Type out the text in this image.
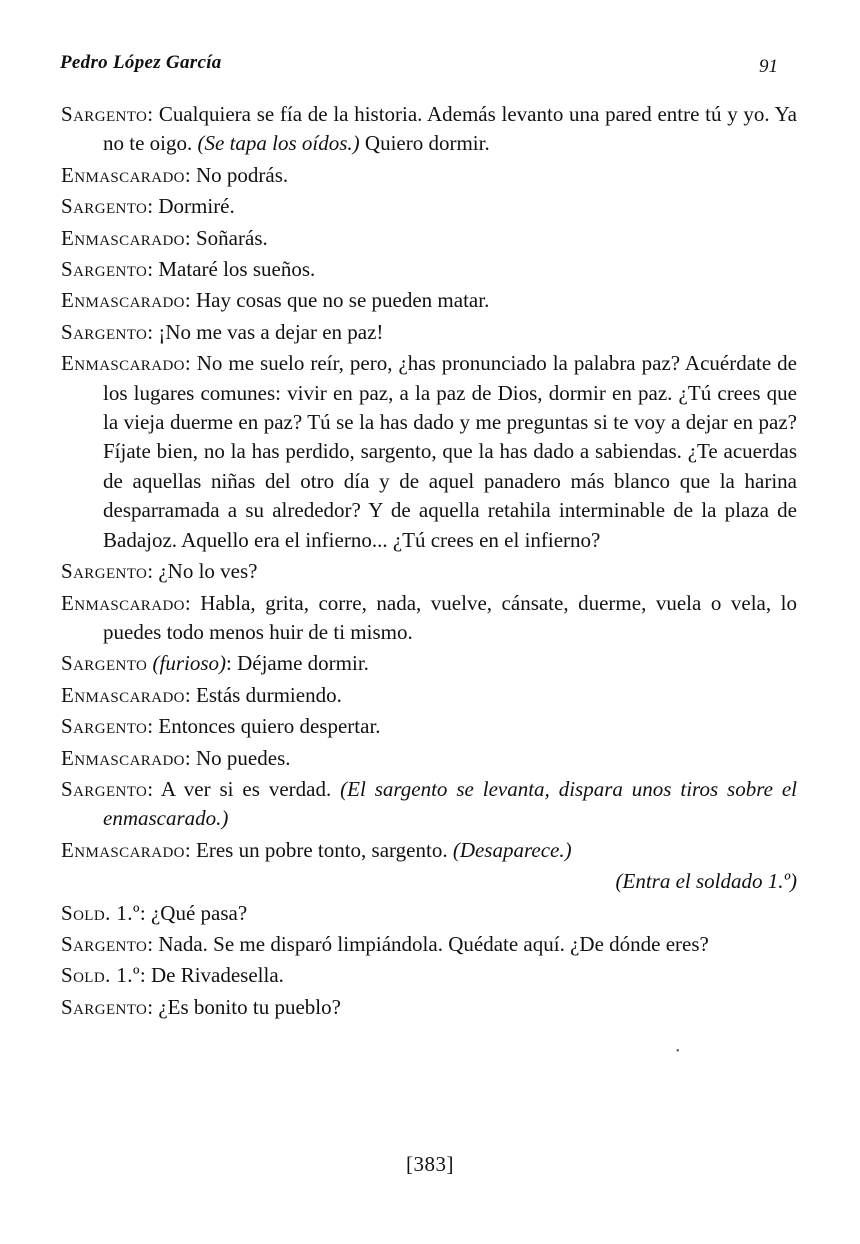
Pedro López García	91

Sargento: Cualquiera se fía de la historia. Además levanto una pared entre tú y yo. Ya no te oigo. (Se tapa los oídos.) Quiero dormir.

Enmascarado: No podrás.

Sargento: Dormiré.

Enmascarado: Soñarás.

Sargento: Mataré los sueños.

Enmascarado: Hay cosas que no se pueden matar.

Sargento: ¡No me vas a dejar en paz!

Enmascarado: No me suelo reír, pero, ¿has pronunciado la palabra paz? Acuérdate de los lugares comunes: vivir en paz, a la paz de Dios, dormir en paz. ¿Tú crees que la vieja duerme en paz? Tú se la has dado y me preguntas si te voy a dejar en paz? Fíjate bien, no la has perdido, sargento, que la has dado a sabiendas. ¿Te acuerdas de aquellas niñas del otro día y de aquel panadero más blanco que la harina desparramada a su alrededor? Y de aquella retahila interminable de la plaza de Badajoz. Aquello era el infierno... ¿Tú crees en el infierno?

Sargento: ¿No lo ves?

Enmascarado: Habla, grita, corre, nada, vuelve, cánsate, duerme, vuela o vela, lo puedes todo menos huir de ti mismo.

Sargento (furioso): Déjame dormir.

Enmascarado: Estás durmiendo.

Sargento: Entonces quiero despertar.

Enmascarado: No puedes.

Sargento: A ver si es verdad. (El sargento se levanta, dispara unos tiros sobre el enmascarado.)

Enmascarado: Eres un pobre tonto, sargento. (Desaparece.)

(Entra el soldado 1.º)

Sold. 1.º: ¿Qué pasa?

Sargento: Nada. Se me disparó limpiándola. Quédate aquí. ¿De dónde eres?

Sold. 1.º: De Rivadesella.

Sargento: ¿Es bonito tu pueblo?

•
[383]
